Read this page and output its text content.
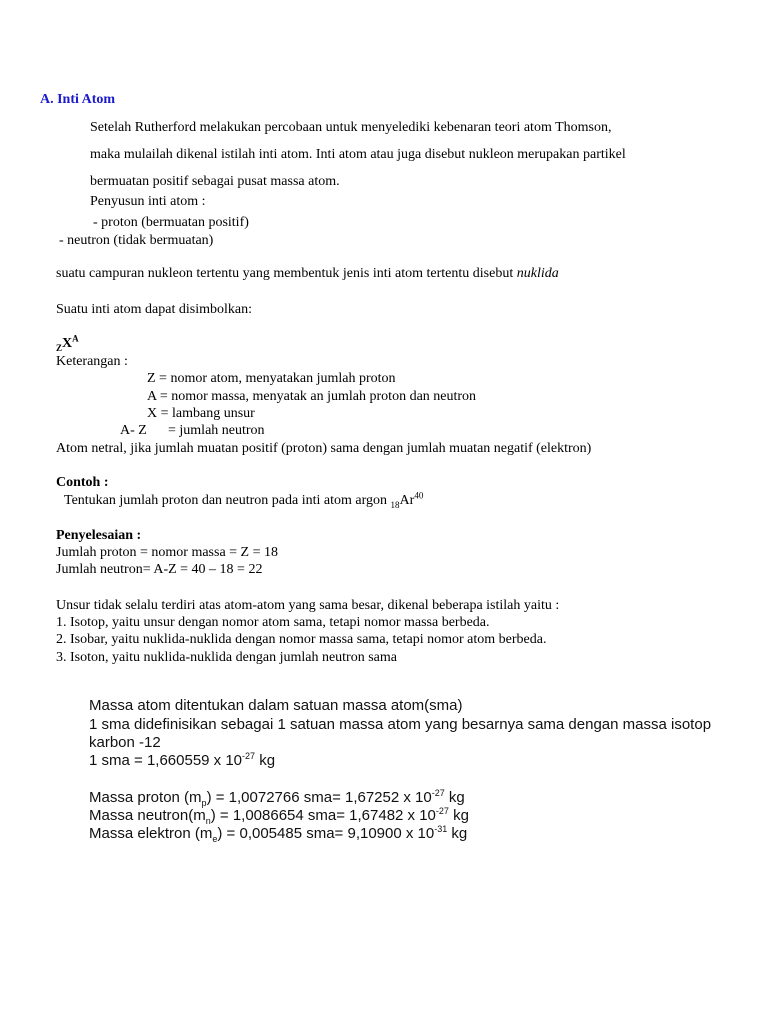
A. Inti Atom
Setelah Rutherford melakukan percobaan untuk menyelediki kebenaran teori atom Thomson,
maka mulailah dikenal istilah inti atom. Inti atom atau juga disebut nukleon merupakan partikel
bermuatan positif sebagai pusat massa atom.
Penyusun inti atom :
- proton (bermuatan positif)
- neutron (tidak bermuatan)
suatu campuran nukleon tertentu yang membentuk jenis inti atom tertentu disebut nuklida
Suatu inti atom dapat disimbolkan:
$_ZX^A$
Keterangan :
Z = nomor atom, menyatakan jumlah proton
A = nomor massa, menyatak an jumlah proton dan neutron
X = lambang unsur
A- Z = jumlah neutron
Atom netral, jika jumlah muatan positif (proton) sama dengan jumlah muatan negatif (elektron)
Contoh :
Tentukan jumlah proton dan neutron pada inti atom argon $_{18}Ar^{40}$
Penyelesaian :
Jumlah proton = nomor massa = Z = 18
Jumlah neutron= A-Z = 40 – 18 = 22
Unsur tidak selalu terdiri atas atom-atom yang sama besar, dikenal beberapa istilah yaitu :
1. Isotop, yaitu unsur dengan nomor atom sama, tetapi nomor massa berbeda.
2. Isobar, yaitu nuklida-nuklida dengan nomor massa sama, tetapi nomor atom berbeda.
3. Isoton, yaitu nuklida-nuklida dengan jumlah neutron sama
Massa atom ditentukan dalam satuan massa atom(sma)
1 sma didefinisikan sebagai 1 satuan massa atom yang besarnya sama dengan massa isotop
karbon -12
1 sma = 1,660559 x $10^{-27}$ kg
Massa proton $(m_p) = 1,0072766$ sma= 1,67252 x $10^{-27}$ kg
Massa $neutron(m_n) = 1,0086654$ sma= 1,67482 x $10^{-27}$ kg
Massa elektron $(m_e) = 0,005485$ sma= 9,10900 x $10^{-31}$ kg
